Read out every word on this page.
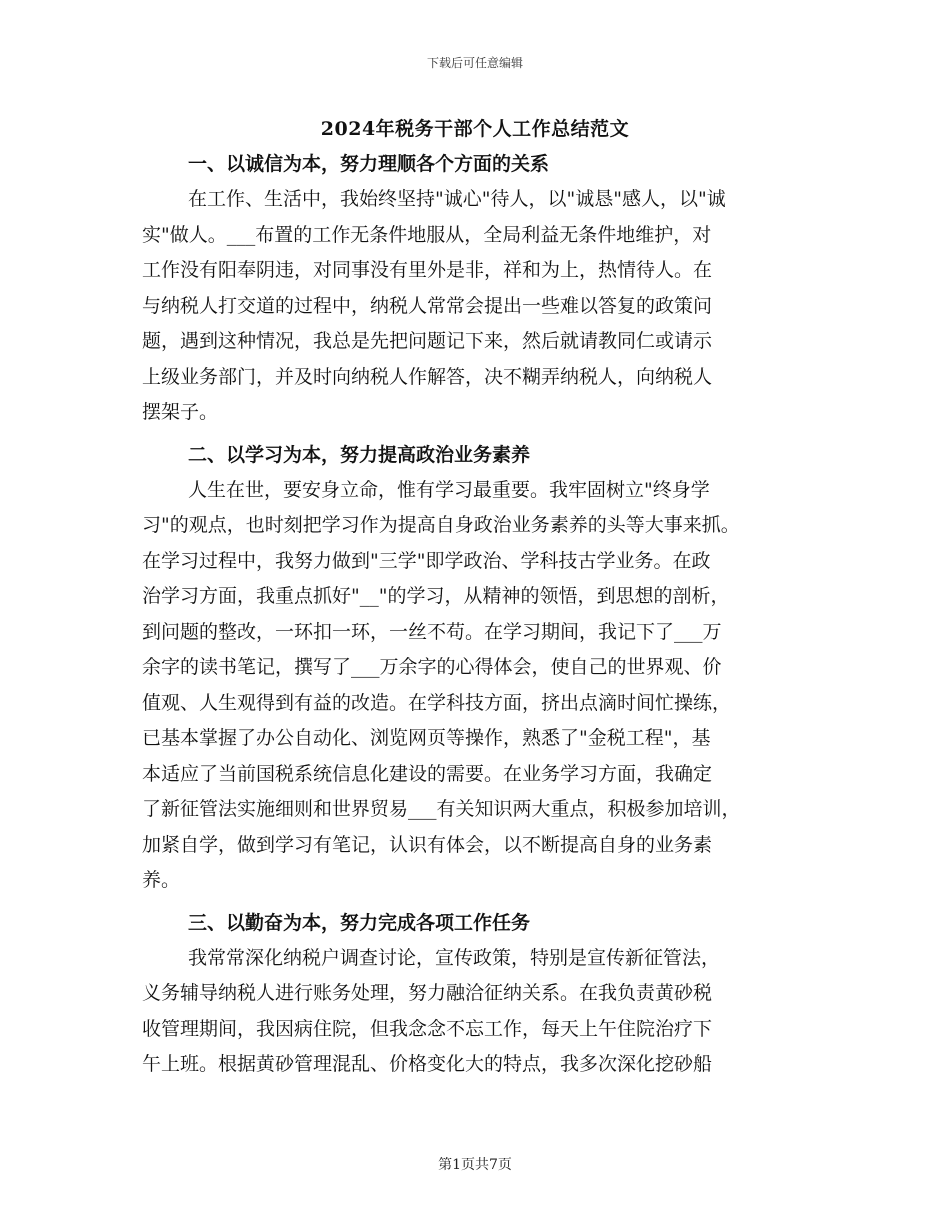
下载后可任意编辑
2024年税务干部个人工作总结范文
一、以诚信为本，努力理顺各个方面的关系
在工作、生活中，我始终坚持"诚心"待人，以"诚恳"感人，以"诚
实"做人。___布置的工作无条件地服从，全局利益无条件地维护，对
工作没有阳奉阴违，对同事没有里外是非，祥和为上，热情待人。在
与纳税人打交道的过程中，纳税人常常会提出一些难以答复的政策问
题，遇到这种情况，我总是先把问题记下来，然后就请教同仁或请示
上级业务部门，并及时向纳税人作解答，决不糊弄纳税人，向纳税人
摆架子。
二、以学习为本，努力提高政治业务素养
人生在世，要安身立命，惟有学习最重要。我牢固树立"终身学
习"的观点，也时刻把学习作为提高自身政治业务素养的头等大事来抓。
在学习过程中，我努力做到"三学"即学政治、学科技古学业务。在政
治学习方面，我重点抓好"__"的学习，从精神的领悟，到思想的剖析，
到问题的整改，一环扣一环，一丝不苟。在学习期间，我记下了___万
余字的读书笔记，撰写了___万余字的心得体会，使自己的世界观、价
值观、人生观得到有益的改造。在学科技方面，挤出点滴时间忙操练，
已基本掌握了办公自动化、浏览网页等操作，熟悉了"金税工程"，基
本适应了当前国税系统信息化建设的需要。在业务学习方面，我确定
了新征管法实施细则和世界贸易___有关知识两大重点，积极参加培训，
加紧自学，做到学习有笔记，认识有体会，以不断提高自身的业务素
养。
三、以勤奋为本，努力完成各项工作任务
我常常深化纳税户调查讨论，宣传政策，特别是宣传新征管法，
义务辅导纳税人进行账务处理，努力融洽征纳关系。在我负责黄砂税
收管理期间，我因病住院，但我念念不忘工作，每天上午住院治疗下
午上班。根据黄砂管理混乱、价格变化大的特点，我多次深化挖砂船
第1页共7页
